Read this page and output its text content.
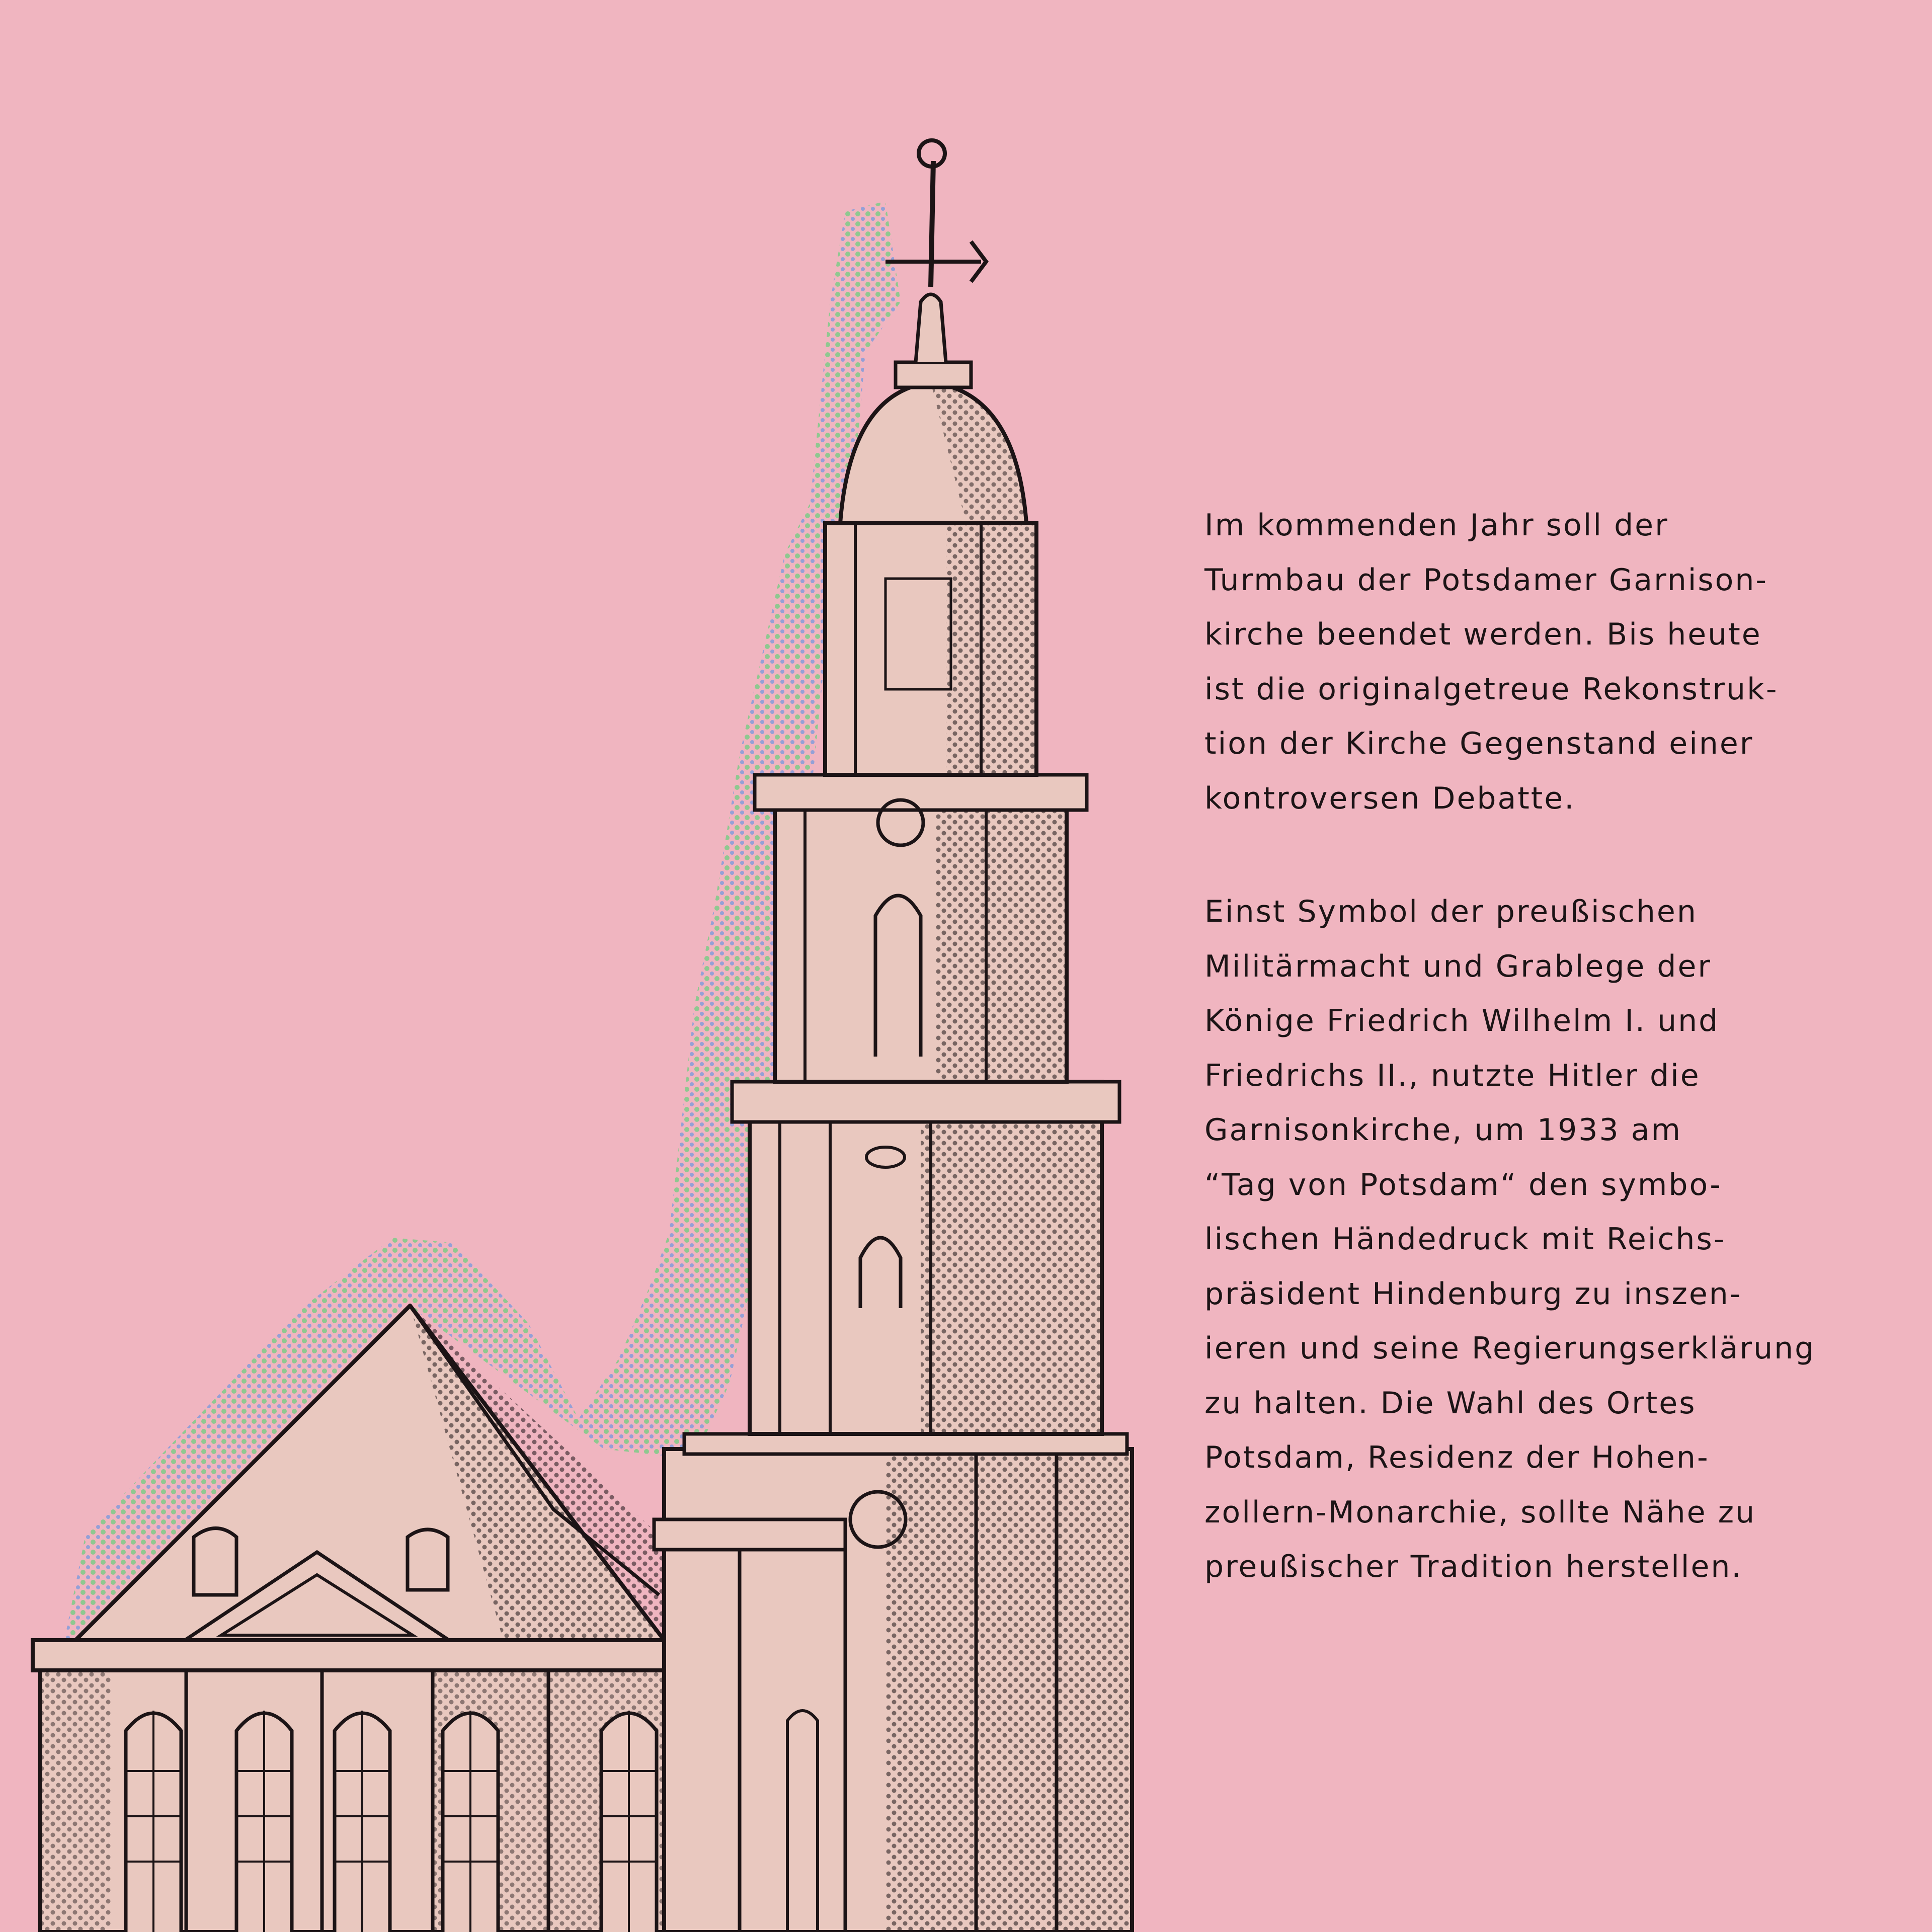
Im kommenden Jahr soll der
Turmbau der Potsdamer Garnison-
kirche beendet werden. Bis heute
ist die originalgetreue Rekonstruk-
tion der Kirche Gegenstand einer
kontroversen Debatte.
Einst Symbol der preußischen
Militärmacht und Grablege der
Könige Friedrich Wilhelm I. und
Friedrichs II., nutzte Hitler die
Garnisonkirche, um 1933 am
“Tag von Potsdam“ den symbo-
lischen Händedruck mit Reichs-
präsident Hindenburg zu inszen-
ieren und seine Regierungserklärung
zu halten. Die Wahl des Ortes
Potsdam, Residenz der Hohen-
zollern-Monarchie, sollte Nähe zu
preußischer Tradition herstellen.
